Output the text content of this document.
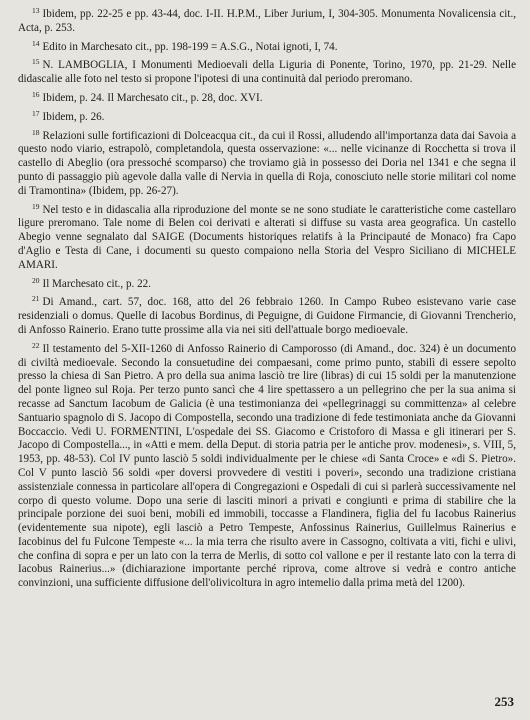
$^{13}$ Ibidem, pp. 22-25 e pp. 43-44, doc. I-II. H.P.M., Liber Jurium, I, 304-305. Monumenta Novalicensia cit., Acta, p. 253.

$^{14}$ Edito in Marchesato cit., pp. 198-199 = A.S.G., Notai ignoti, I, 74.

$^{15}$ N. LAMBOGLIA, I Monumenti Medioevali della Liguria di Ponente, Torino, 1970, pp. 21-29. Nelle didascalie alle foto nel testo si propone l'ipotesi di una continuità dal periodo preromano.

$^{16}$ Ibidem, p. 24. Il Marchesato cit., p. 28, doc. XVI.

$^{17}$ Ibidem, p. 26.

$^{18}$ Relazioni sulle fortificazioni di Dolceacqua cit., da cui il Rossi, alludendo all'importanza data dai Savoia a questo nodo viario, estrapolò, completandola, questa osservazione: «... nelle vicinanze di Rocchetta si trova il castello di Abeglio (ora pressoché scomparso) che troviamo già in possesso dei Doria nel 1341 e che segna il punto di passaggio più agevole dalla valle di Nervia in quella di Roja, conosciuto nelle storie militari col nome di Tramontina» (Ibidem, pp. 26-27).

$^{19}$ Nel testo e in didascalia alla riproduzione del monte se ne sono studiate le caratteristiche come castellaro ligure preromano. Tale nome di Belen coi derivati e alterati si diffuse su vasta area geografica. Un castello Abegio venne segnalato dal SAIGE (Documents historiques relatifs à la Principauté de Monaco) fra Capo d'Aglio e Testa di Cane, i documenti su questo compaiono nella Storia del Vespro Siciliano di MICHELE AMARI.

$^{20}$ Il Marchesato cit., p. 22.

$^{21}$ Di Amand., cart. 57, doc. 168, atto del 26 febbraio 1260. In Campo Rubeo esistevano varie case residenziali o domus. Quelle di Iacobus Bordinus, di Peguigne, di Guidone Firmancie, di Giovanni Trencherio, di Anfosso Rainerio. Erano tutte prossime alla via nei siti dell'attuale borgo medioevale.

$^{22}$ Il testamento del 5-XII-1260 di Anfosso Rainerio di Camporosso (di Amand., doc. 324) è un documento di civiltà medioevale. Secondo la consuetudine dei compaesani, come primo punto, stabilì di essere sepolto presso la chiesa di San Pietro. A pro della sua anima lasciò tre lire (libras) di cui 15 soldi per la manutenzione del ponte ligneo sul Roja. Per terzo punto sancì che 4 lire spettassero a un pellegrino che per la sua anima si recasse ad Sanctum Iacobum de Galicia (è una testimonianza dei «pellegrinaggi su committenza» al celebre Santuario spagnolo di S. Jacopo di Compostella, secondo una tradizione di fede testimoniata anche da Giovanni Boccaccio. Vedi U. FORMENTINI, L'ospedale dei SS. Giacomo e Cristoforo di Massa e gli itinerari per S. Jacopo di Compostella..., in «Atti e mem. della Deput. di storia patria per le antiche prov. modenesi», s. VIII, 5, 1953, pp. 48-53). Col IV punto lasciò 5 soldi individualmente per le chiese «di Santa Croce» e «di S. Pietro». Col V punto lasciò 56 soldi «per doversi provvedere di vestiti i poveri», secondo una tradizione cristiana assistenziale connessa in particolare all'opera di Congregazioni e Ospedali di cui si parlerà successivamente nel corpo di questo volume. Dopo una serie di lasciti minori a privati e congiunti e prima di stabilire che la principale porzione dei suoi beni, mobili ed immobili, toccasse a Flandinera, figlia del fu Iacobus Rainerius (evidentemente sua nipote), egli lasciò a Petro Tempeste, Anfossinus Rainerius, Guillelmus Rainerius e Iacobinus del fu Fulcone Tempeste «... la mia terra che risulto avere in Cassogno, coltivata a viti, fichi e ulivi, che confina di sopra e per un lato con la terra de Merlis, di sotto col vallone e per il restante lato con la terra di Iacobus Rainerius...» (dichiarazione importante perché riprova, come altrove si vedrà e contro antiche convinzioni, una sufficiente diffusione dell'olivicoltura in agro intemelio dalla prima metà del 1200).

253
